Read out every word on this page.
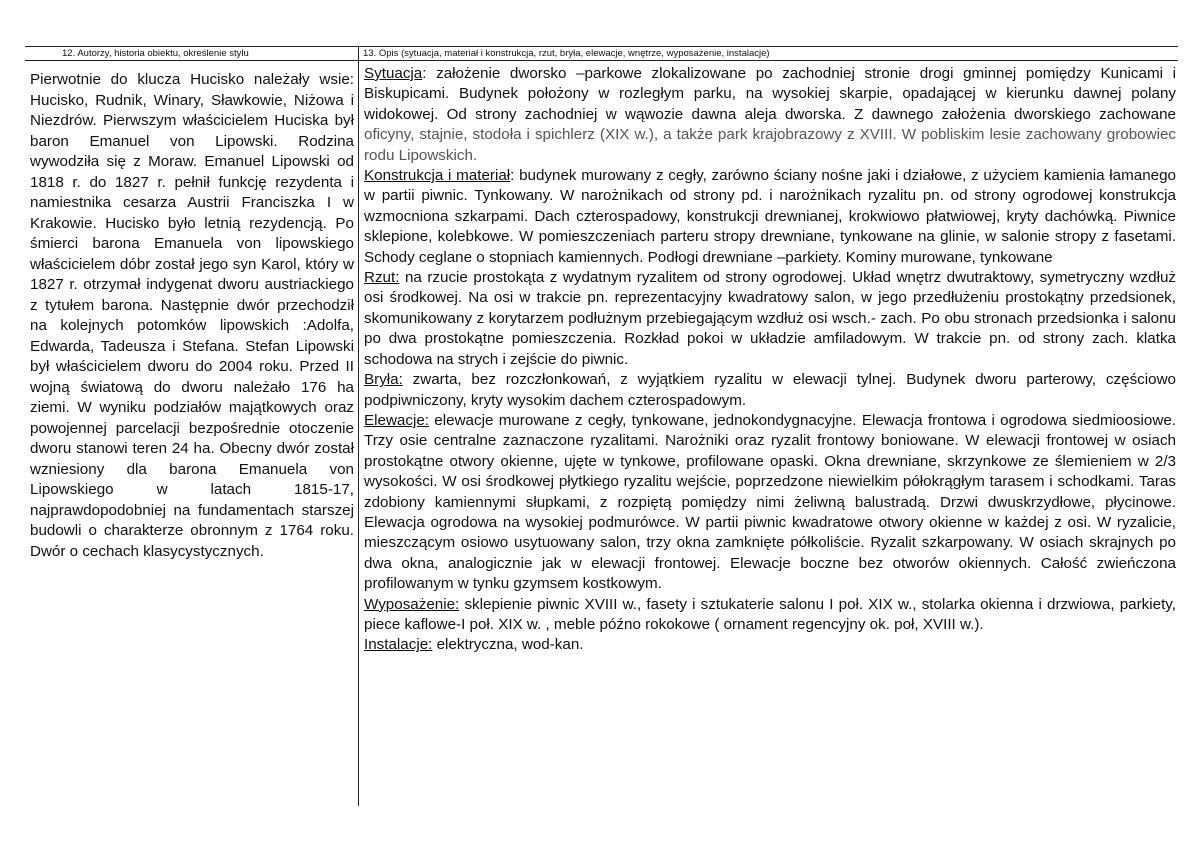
12. Autorzy, historia obiektu, określenie stylu	13. Opis (sytuacja, materiał i konstrukcja, rzut, bryła, elewacje, wnętrze, wyposażenie, instalacje)
Pierwotnie do klucza Hucisko należały wsie: Hucisko, Rudnik, Winary, Sławkowie, Niżowa i Niezdrów. Pierwszym właścicielem Huciska był baron Emanuel von Lipowski. Rodzina wywodziła się z Moraw. Emanuel Lipowski od 1818 r. do 1827 r. pełnił funkcję rezydenta i namiestnika cesarza Austrii Franciszka I w Krakowie. Hucisko było letnią rezydencją. Po śmierci barona Emanuela von lipowskiego właścicielem dóbr został jego syn Karol, który w 1827 r. otrzymał indygenat dworu austriackiego z tytułem barona. Następnie dwór przechodził na kolejnych potomków lipowskich :Adolfa, Edwarda, Tadeusza i Stefana. Stefan Lipowski był właścicielem dworu do 2004 roku. Przed II wojną światową do dworu należało 176 ha ziemi. W wyniku podziałów majątkowych oraz powojennej parcelacji bezpośrednie otoczenie dworu stanowi teren 24 ha. Obecny dwór został wzniesiony dla barona Emanuela von Lipowskiego w latach 1815-17, najprawdopodobniej na fundamentach starszej budowli o charakterze obronnym z 1764 roku. Dwór o cechach klasycystycznych.

Sytuacja: założenie dworsko –parkowe zlokalizowane po zachodniej stronie drogi gminnej pomiędzy Kunicami i Biskupicami. Budynek położony w rozległym parku, na wysokiej skarpie, opadającej w kierunku dawnej polany widokowej. Od strony zachodniej w wąwozie dawna aleja dworska. Z dawnego założenia dworskiego zachowane oficyny, stajnie, stodoła i spichlerz (XIX w.), a także park krajobrazowy z XVIII. W pobliskim lesie zachowany grobowiec rodu Lipowskich.

Konstrukcja i materiał: budynek murowany z cegły, zarówno ściany nośne jaki i działowe, z użyciem kamienia łamanego w partii piwnic. Tynkowany. W narożnikach od strony pd. i narożnikach ryzalitu pn. od strony ogrodowej konstrukcja wzmocniona szkarpami. Dach czterospadowy, konstrukcji drewnianej, krokwiowo płatwiowej, kryty dachówką. Piwnice sklepione, kolebkowe. W pomieszczeniach parteru stropy drewniane, tynkowane na glinie, w salonie stropy z fasetami. Schody ceglane o stopniach kamiennych. Podłogi drewniane –parkiety. Kominy murowane, tynkowane

Rzut: na rzucie prostokąta z wydatnym ryzalitem od strony ogrodowej. Układ wnętrz dwutraktowy, symetryczny wzdłuż osi środkowej. Na osi w trakcie pn. reprezentacyjny kwadratowy salon, w jego przedłużeniu prostokątny przedsionek, skomunikowany z korytarzem podłużnym przebiegającym wzdłuż osi wsch.- zach. Po obu stronach przedsionka i salonu po dwa prostokątne pomieszczenia. Rozkład pokoi w układzie amfiladowym. W trakcie pn. od strony zach. klatka schodowa na strych i zejście do piwnic.

Bryła: zwarta, bez rozczłonkowań, z wyjątkiem ryzalitu w elewacji tylnej. Budynek dworu parterowy, częściowo podpiwniczony, kryty wysokim dachem czterospadowym.

Elewacje: elewacje murowane z cegły, tynkowane, jednokondygnacyjne. Elewacja frontowa i ogrodowa siedmioosiowe. Trzy osie centralne zaznaczone ryzalitami. Narożniki oraz ryzalit frontowy boniowane. W elewacji frontowej w osiach prostokątne otwory okienne, ujęte w tynkowe, profilowane opaski. Okna drewniane, skrzynkowe ze ślemieniem w 2/3 wysokości. W osi środkowej płytkiego ryzalitu wejście, poprzedzone niewielkim półokrągłym tarasem i schodkami. Taras zdobiony kamiennymi słupkami, z rozpiętą pomiędzy nimi żeliwną balustradą. Drzwi dwuskrzydłowe, płycinowe. Elewacja ogrodowa na wysokiej podmurówce. W partii piwnic kwadratowe otwory okienne w każdej z osi. W ryzalicie, mieszczącym osiowo usytuowany salon, trzy okna zamknięte półkoliście. Ryzalit szkarpowany. W osiach skrajnych po dwa okna, analogicznie jak w elewacji frontowej. Elewacje boczne bez otworów okiennych. Całość zwieńczona profilowanym w tynku gzymsem kostkowym.

Wyposażenie: sklepienie piwnic XVIII w., fasety i sztukaterie salonu I poł. XIX w., stolarka okienna i drzwiowa, parkiety, piece kaflowe-I poł. XIX w. , meble późno rokokowe ( ornament regencyjny ok. poł, XVIII w.).

Instalacje: elektryczna, wod-kan.
